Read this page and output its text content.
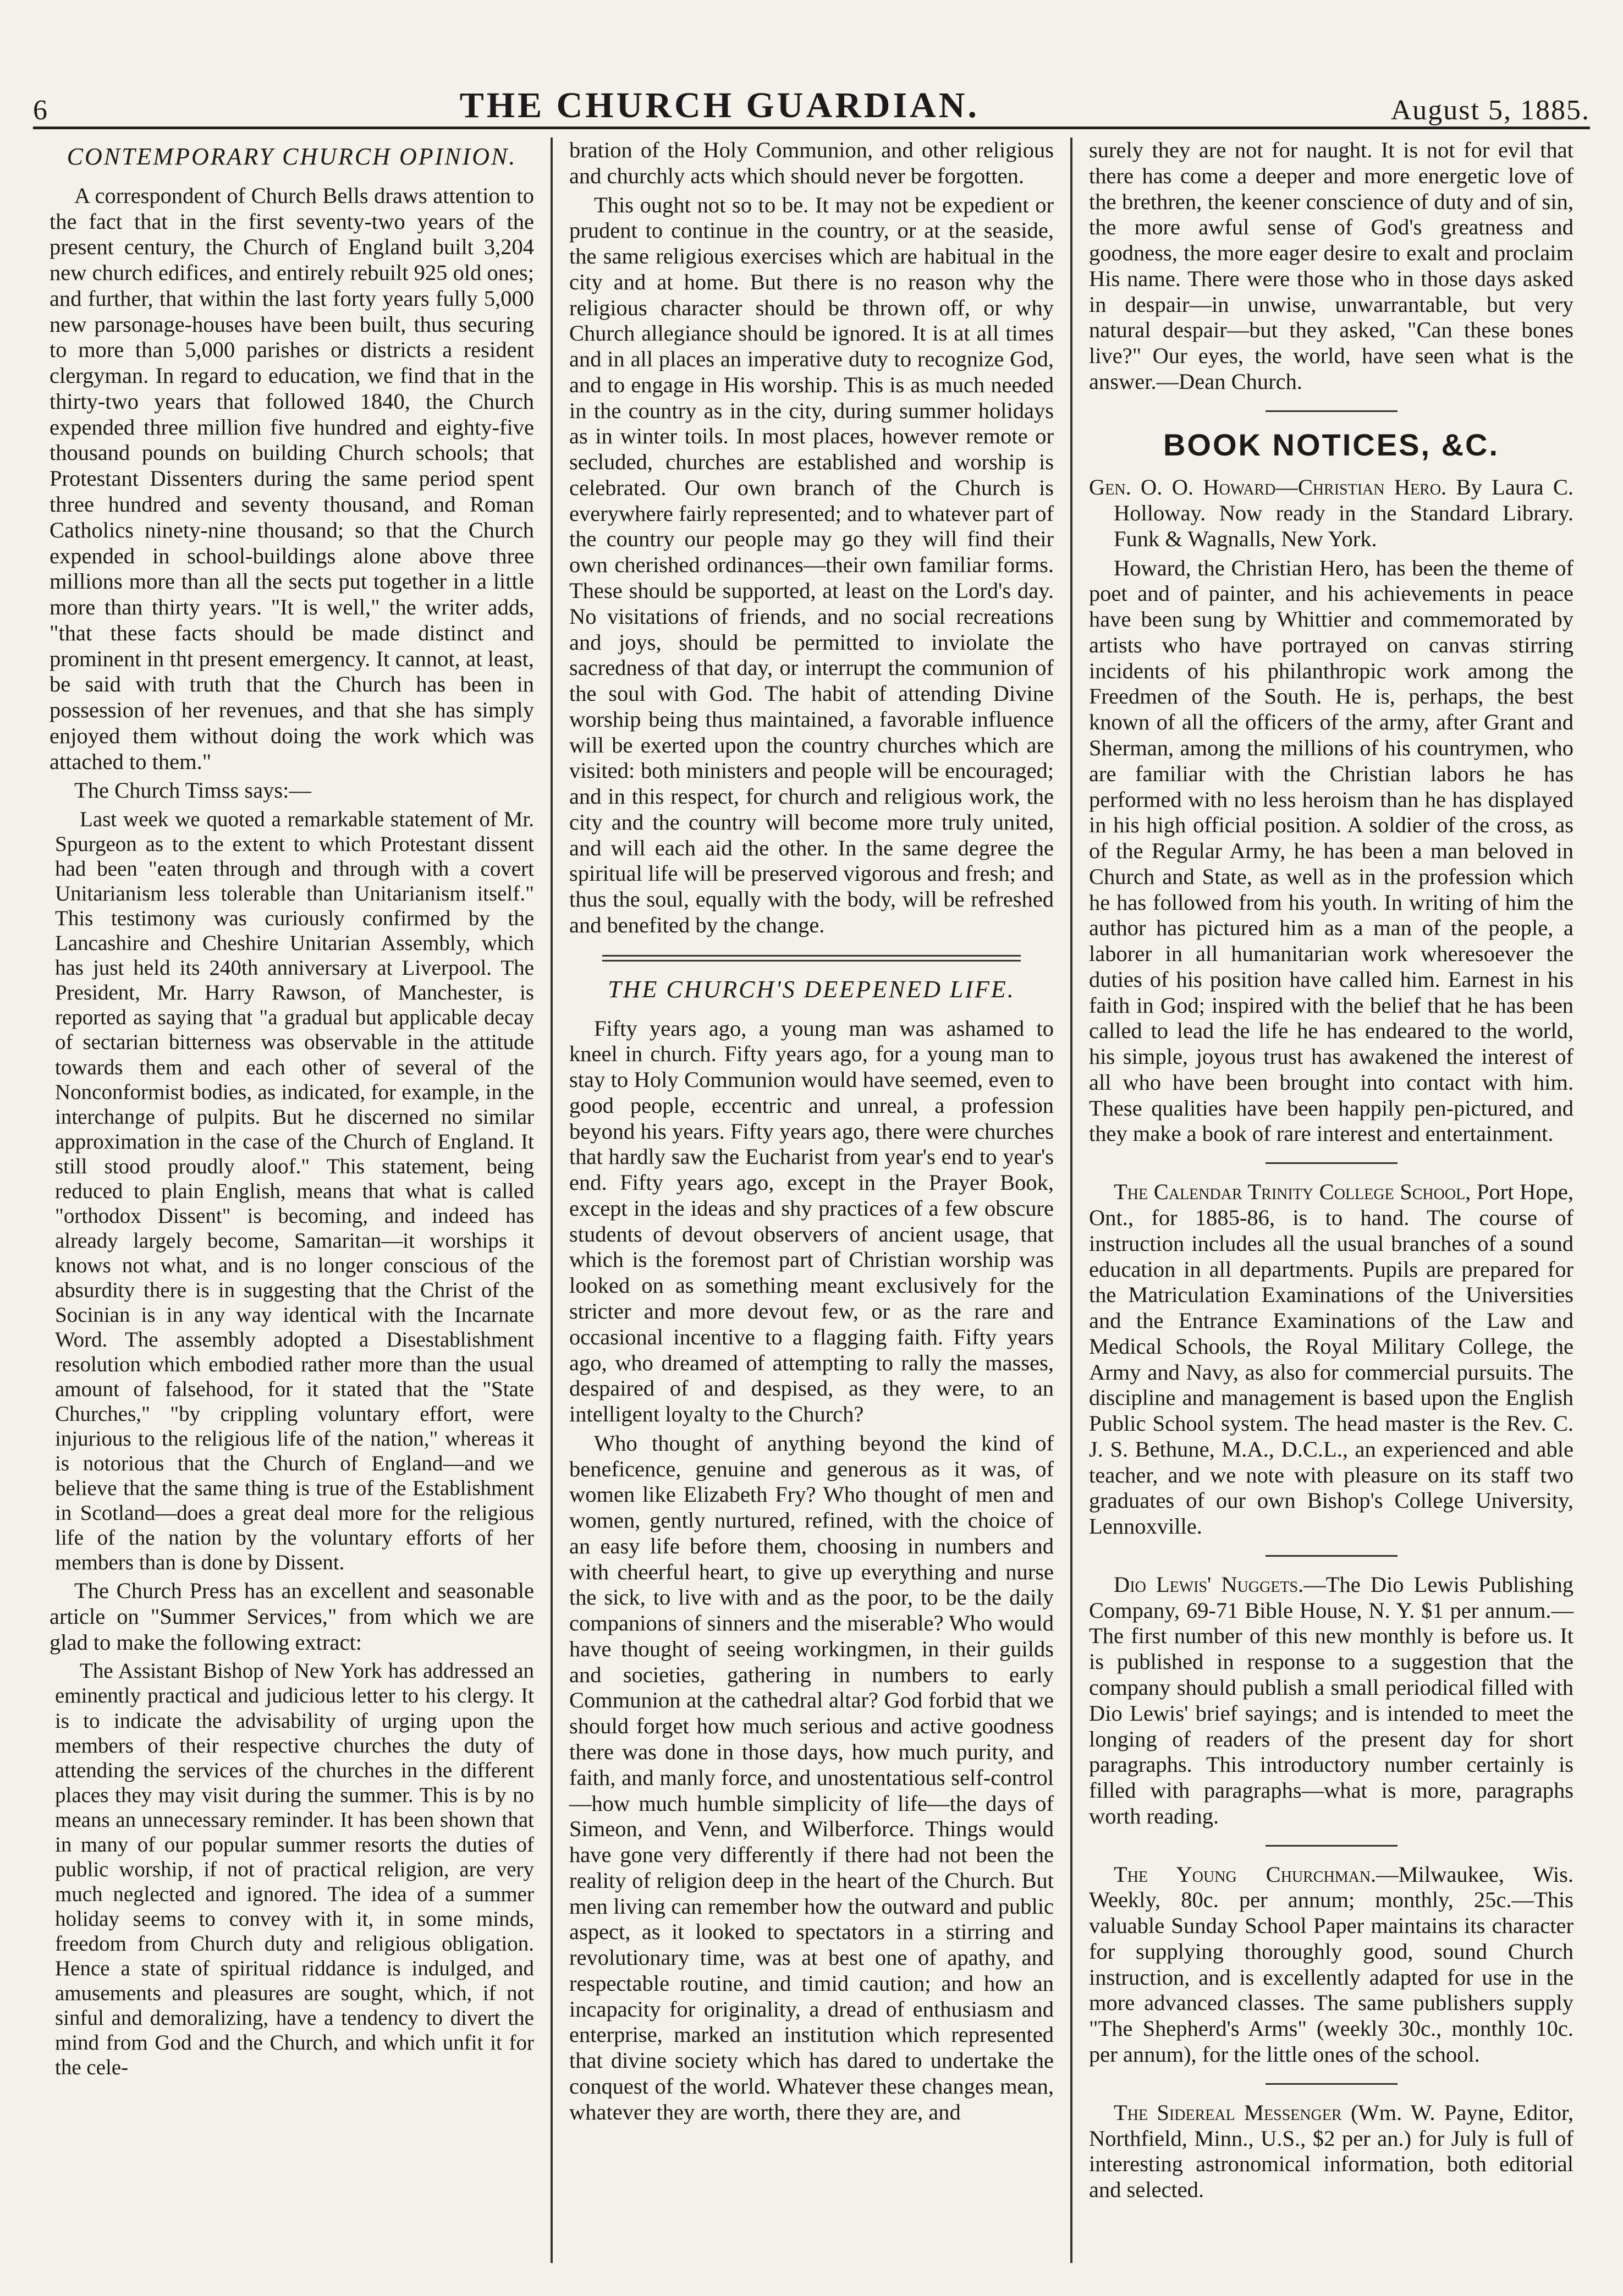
6	THE CHURCH GUARDIAN.	August 5, 1885.
CONTEMPORARY CHURCH OPINION.

A correspondent of Church Bells draws attention to the fact that in the first seventy-two years of the present century, the Church of England built 3,204 new church edifices, and entirely rebuilt 925 old ones; and further, that within the last forty years fully 5,000 new parsonage-houses have been built, thus securing to more than 5,000 parishes or districts a resident clergyman. In regard to education, we find that in the thirty-two years that followed 1840, the Church expended three million five hundred and eighty-five thousand pounds on building Church schools; that Protestant Dissenters during the same period spent three hundred and seventy thousand, and Roman Catholics ninety-nine thousand; so that the Church expended in school-buildings alone above three millions more than all the sects put together in a little more than thirty years. "It is well," the writer adds, "that these facts should be made distinct and prominent in tht present emergency. It cannot, at least, be said with truth that the Church has been in possession of her revenues, and that she has simply enjoyed them without doing the work which was attached to them."

The Church Timss says:—

Last week we quoted a remarkable statement of Mr. Spurgeon as to the extent to which Protestant dissent had been "eaten through and through with a covert Unitarianism less tolerable than Unitarianism itself." This testimony was curiously confirmed by the Lancashire and Cheshire Unitarian Assembly, which has just held its 240th anniversary at Liverpool. The President, Mr. Harry Rawson, of Manchester, is reported as saying that "a gradual but applicable decay of sectarian bitterness was observable in the attitude towards them and each other of several of the Nonconformist bodies, as indicated, for example, in the interchange of pulpits. But he discerned no similar approximation in the case of the Church of England. It still stood proudly aloof." This statement, being reduced to plain English, means that what is called "orthodox Dissent" is becoming, and indeed has already largely become, Samaritan—it worships it knows not what, and is no longer conscious of the absurdity there is in suggesting that the Christ of the Socinian is in any way identical with the Incarnate Word. The assembly adopted a Disestablishment resolution which embodied rather more than the usual amount of falsehood, for it stated that the "State Churches," "by crippling voluntary effort, were injurious to the religious life of the nation," whereas it is notorious that the Church of England—and we believe that the same thing is true of the Establishment in Scotland—does a great deal more for the religious life of the nation by the voluntary efforts of her members than is done by Dissent.

The Church Press has an excellent and seasonable article on "Summer Services," from which we are glad to make the following extract:

The Assistant Bishop of New York has addressed an eminently practical and judicious letter to his clergy. It is to indicate the advisability of urging upon the members of their respective churches the duty of attending the services of the churches in the different places they may visit during the summer. This is by no means an unnecessary reminder. It has been shown that in many of our popular summer resorts the duties of public worship, if not of practical religion, are very much neglected and ignored. The idea of a summer holiday seems to convey with it, in some minds, freedom from Church duty and religious obligation. Hence a state of spiritual riddance is indulged, and amusements and pleasures are sought, which, if not sinful and demoralizing, have a tendency to divert the mind from God and the Church, and which unfit it for the cele-

bration of the Holy Communion, and other religious and churchly acts which should never be forgotten.

This ought not so to be. It may not be expedient or prudent to continue in the country, or at the seaside, the same religious exercises which are habitual in the city and at home. But there is no reason why the religious character should be thrown off, or why Church allegiance should be ignored. It is at all times and in all places an imperative duty to recognize God, and to engage in His worship. This is as much needed in the country as in the city, during summer holidays as in winter toils. In most places, however remote or secluded, churches are established and worship is celebrated. Our own branch of the Church is everywhere fairly represented; and to whatever part of the country our people may go they will find their own cherished ordinances—their own familiar forms. These should be supported, at least on the Lord's day. No visitations of friends, and no social recreations and joys, should be permitted to inviolate the sacredness of that day, or interrupt the communion of the soul with God. The habit of attending Divine worship being thus maintained, a favorable influence will be exerted upon the country churches which are visited: both ministers and people will be encouraged; and in this respect, for church and religious work, the city and the country will become more truly united, and will each aid the other. In the same degree the spiritual life will be preserved vigorous and fresh; and thus the soul, equally with the body, will be refreshed and benefited by the change.

THE CHURCH'S DEEPENED LIFE.

Fifty years ago, a young man was ashamed to kneel in church. Fifty years ago, for a young man to stay to Holy Communion would have seemed, even to good people, eccentric and unreal, a profession beyond his years. Fifty years ago, there were churches that hardly saw the Eucharist from year's end to year's end. Fifty years ago, except in the Prayer Book, except in the ideas and shy practices of a few obscure students of devout observers of ancient usage, that which is the foremost part of Christian worship was looked on as something meant exclusively for the stricter and more devout few, or as the rare and occasional incentive to a flagging faith. Fifty years ago, who dreamed of attempting to rally the masses, despaired of and despised, as they were, to an intelligent loyalty to the Church?

Who thought of anything beyond the kind of beneficence, genuine and generous as it was, of women like Elizabeth Fry? Who thought of men and women, gently nurtured, refined, with the choice of an easy life before them, choosing in numbers and with cheerful heart, to give up everything and nurse the sick, to live with and as the poor, to be the daily companions of sinners and the miserable? Who would have thought of seeing workingmen, in their guilds and societies, gathering in numbers to early Communion at the cathedral altar? God forbid that we should forget how much serious and active goodness there was done in those days, how much purity, and faith, and manly force, and unostentatious self-control—how much humble simplicity of life—the days of Simeon, and Venn, and Wilberforce. Things would have gone very differently if there had not been the reality of religion deep in the heart of the Church. But men living can remember how the outward and public aspect, as it looked to spectators in a stirring and revolutionary time, was at best one of apathy, and respectable routine, and timid caution; and how an incapacity for originality, a dread of enthusiasm and enterprise, marked an institution which represented that divine society which has dared to undertake the conquest of the world. Whatever these changes mean, whatever they are worth, there they are, and

surely they are not for naught. It is not for evil that there has come a deeper and more energetic love of the brethren, the keener conscience of duty and of sin, the more awful sense of God's greatness and goodness, the more eager desire to exalt and proclaim His name. There were those who in those days asked in despair—in unwise, unwarrantable, but very natural despair—but they asked, "Can these bones live?" Our eyes, the world, have seen what is the answer.—Dean Church.

BOOK NOTICES, &C.

Gen. O. O. Howard—Christian Hero. By Laura C. Holloway. Now ready in the Standard Library. Funk & Wagnalls, New York.

Howard, the Christian Hero, has been the theme of poet and of painter, and his achievements in peace have been sung by Whittier and commemorated by artists who have portrayed on canvas stirring incidents of his philanthropic work among the Freedmen of the South. He is, perhaps, the best known of all the officers of the army, after Grant and Sherman, among the millions of his countrymen, who are familiar with the Christian labors he has performed with no less heroism than he has displayed in his high official position. A soldier of the cross, as of the Regular Army, he has been a man beloved in Church and State, as well as in the profession which he has followed from his youth. In writing of him the author has pictured him as a man of the people, a laborer in all humanitarian work wheresoever the duties of his position have called him. Earnest in his faith in God; inspired with the belief that he has been called to lead the life he has endeared to the world, his simple, joyous trust has awakened the interest of all who have been brought into contact with him. These qualities have been happily pen-pictured, and they make a book of rare interest and entertainment.

The Calendar Trinity College School, Port Hope, Ont., for 1885-86, is to hand. The course of instruction includes all the usual branches of a sound education in all departments. Pupils are prepared for the Matriculation Examinations of the Universities and the Entrance Examinations of the Law and Medical Schools, the Royal Military College, the Army and Navy, as also for commercial pursuits. The discipline and management is based upon the English Public School system. The head master is the Rev. C. J. S. Bethune, M.A., D.C.L., an experienced and able teacher, and we note with pleasure on its staff two graduates of our own Bishop's College University, Lennoxville.

Dio Lewis' Nuggets.—The Dio Lewis Publishing Company, 69-71 Bible House, N. Y. $1 per annum.—The first number of this new monthly is before us. It is published in response to a suggestion that the company should publish a small periodical filled with Dio Lewis' brief sayings; and is intended to meet the longing of readers of the present day for short paragraphs. This introductory number certainly is filled with paragraphs—what is more, paragraphs worth reading.

The Young Churchman.—Milwaukee, Wis. Weekly, 80c. per annum; monthly, 25c.—This valuable Sunday School Paper maintains its character for supplying thoroughly good, sound Church instruction, and is excellently adapted for use in the more advanced classes. The same publishers supply "The Shepherd's Arms" (weekly 30c., monthly 10c. per annum), for the little ones of the school.

The Sidereal Messenger (Wm. W. Payne, Editor, Northfield, Minn., U.S., $2 per an.) for July is full of interesting astronomical information, both editorial and selected.
